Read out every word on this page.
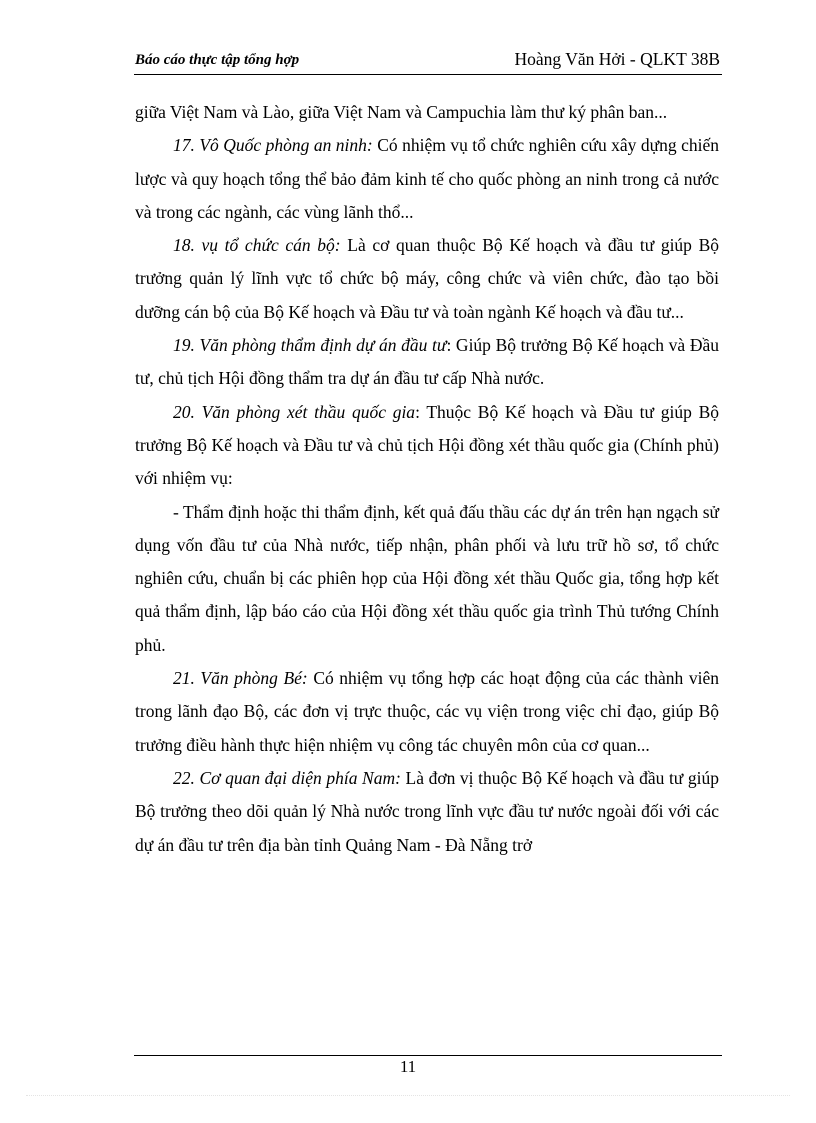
Báo cáo thực tập tổng hợp	Hoàng Văn Hởi - QLKT 38B

giữa Việt Nam và Lào, giữa Việt Nam và Campuchia làm thư ký phân ban...

17. Vô Quốc phòng an ninh: Có nhiệm vụ tổ chức nghiên cứu xây dựng chiến lược và quy hoạch tổng thể bảo đảm kinh tế cho quốc phòng an ninh trong cả nước và trong các ngành, các vùng lãnh thổ...

18. vụ tổ chức cán bộ: Là cơ quan thuộc Bộ Kế hoạch và đầu tư giúp Bộ trưởng quản lý lĩnh vực tổ chức bộ máy, công chức và viên chức, đào tạo bồi dưỡng cán bộ của Bộ Kế hoạch và Đầu tư và toàn ngành Kế hoạch và đầu tư...

19. Văn phòng thẩm định dự án đầu tư: Giúp Bộ trưởng Bộ Kế hoạch và Đầu tư, chủ tịch Hội đồng thẩm tra dự án đầu tư cấp Nhà nước.

20. Văn phòng xét thầu quốc gia: Thuộc Bộ Kế hoạch và Đầu tư giúp Bộ trưởng Bộ Kế hoạch và Đầu tư và chủ tịch Hội đồng xét thầu quốc gia (Chính phủ) với nhiệm vụ:

- Thẩm định hoặc thi thẩm định, kết quả đấu thầu các dự án trên hạn ngạch sử dụng vốn đầu tư của Nhà nước, tiếp nhận, phân phối và lưu trữ hồ sơ, tổ chức nghiên cứu, chuẩn bị các phiên họp của Hội đồng xét thầu Quốc gia, tổng hợp kết quả thẩm định, lập báo cáo của Hội đồng xét thầu quốc gia trình Thủ tướng Chính phủ.

21. Văn phòng Bé: Có nhiệm vụ tổng hợp các hoạt động của các thành viên trong lãnh đạo Bộ, các đơn vị trực thuộc, các vụ viện trong việc chỉ đạo, giúp Bộ trưởng điều hành thực hiện nhiệm vụ công tác chuyên môn của cơ quan...

22. Cơ quan đại diện phía Nam: Là đơn vị thuộc Bộ Kế hoạch và đầu tư giúp Bộ trưởng theo dõi quản lý Nhà nước trong lĩnh vực đầu tư nước ngoài đối với các dự án đầu tư trên địa bàn tỉnh Quảng Nam - Đà Nẵng trở

11
